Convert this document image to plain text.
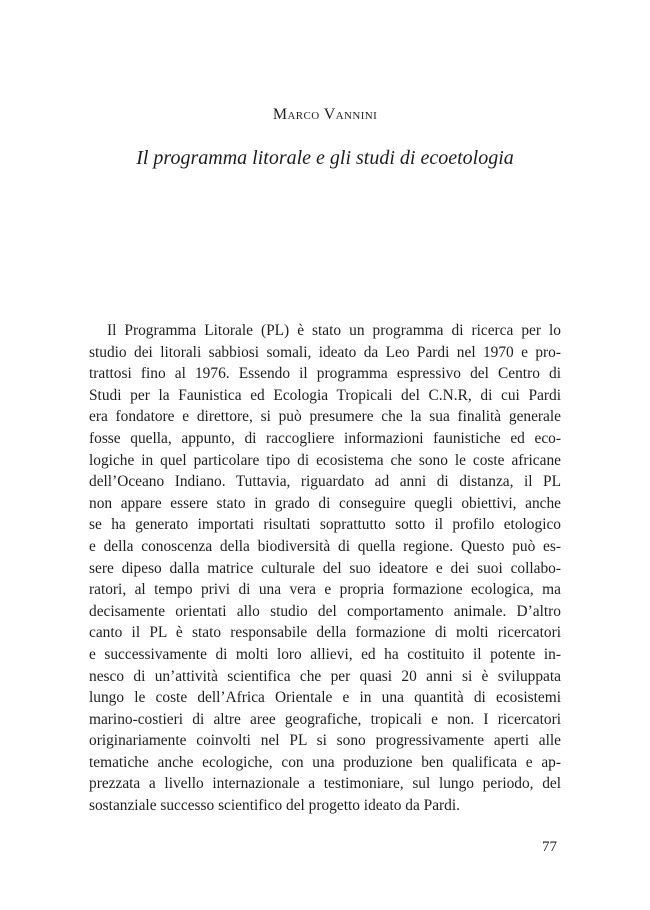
Marco Vannini
Il programma litorale e gli studi di ecoetologia
Il Programma Litorale (PL) è stato un programma di ricerca per lo
studio dei litorali sabbiosi somali, ideato da Leo Pardi nel 1970 e pro-
trattosi fino al 1976. Essendo il programma espressivo del Centro di
Studi per la Faunistica ed Ecologia Tropicali del C.N.R, di cui Pardi
era fondatore e direttore, si può presumere che la sua finalità generale
fosse quella, appunto, di raccogliere informazioni faunistiche ed eco-
logiche in quel particolare tipo di ecosistema che sono le coste africane
dell’Oceano Indiano. Tuttavia, riguardato ad anni di distanza, il PL
non appare essere stato in grado di conseguire quegli obiettivi, anche
se ha generato importati risultati soprattutto sotto il profilo etologico
e della conoscenza della biodiversità di quella regione. Questo può es-
sere dipeso dalla matrice culturale del suo ideatore e dei suoi collabo-
ratori, al tempo privi di una vera e propria formazione ecologica, ma
decisamente orientati allo studio del comportamento animale. D’altro
canto il PL è stato responsabile della formazione di molti ricercatori
e successivamente di molti loro allievi, ed ha costituito il potente in-
nesco di un’attività scientifica che per quasi 20 anni si è sviluppata
lungo le coste dell’Africa Orientale e in una quantità di ecosistemi
marino-costieri di altre aree geografiche, tropicali e non. I ricercatori
originariamente coinvolti nel PL si sono progressivamente aperti alle
tematiche anche ecologiche, con una produzione ben qualificata e ap-
prezzata a livello internazionale a testimoniare, sul lungo periodo, del
sostanziale successo scientifico del progetto ideato da Pardi.
77
